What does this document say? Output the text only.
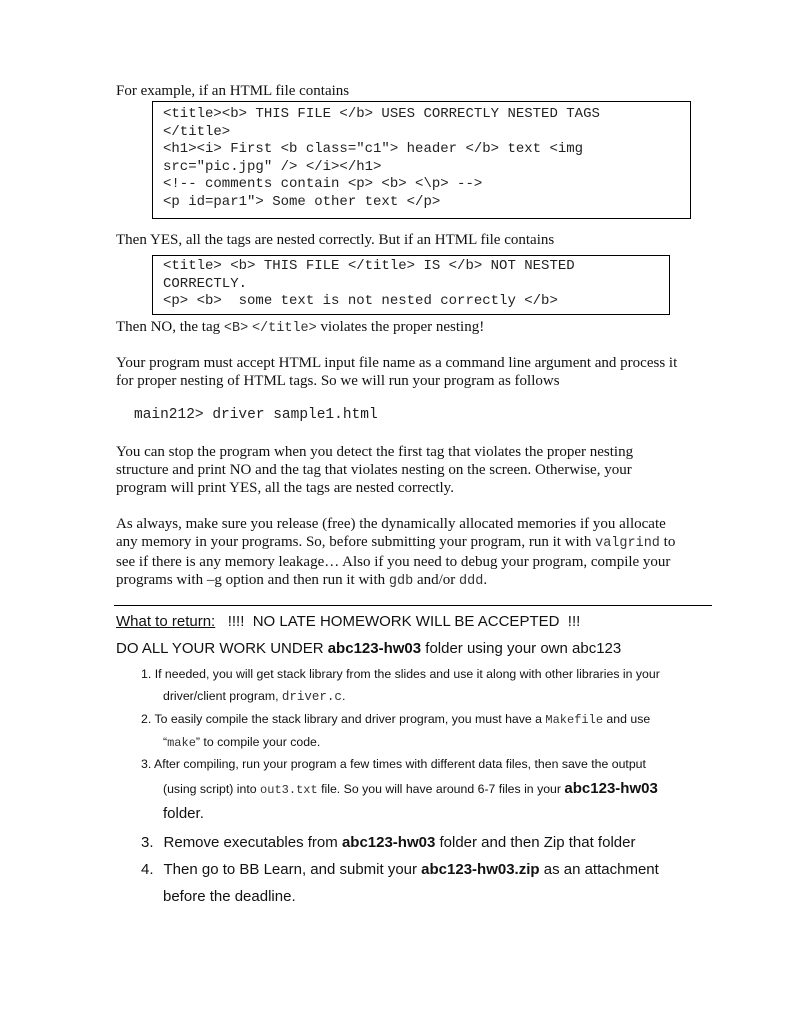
For example, if an HTML file contains
<title><b> THIS FILE </b> USES CORRECTLY NESTED TAGS
</title>
<h1><i> First <b class="c1"> header </b> text <img
src="pic.jpg" /> </i></h1>
<!-- comments contain <p> <b> <\p> -->
<p id=par1"> Some other text </p>
Then YES, all the tags are nested correctly. But if an HTML file contains
<title> <b> THIS FILE </title> IS </b> NOT NESTED
CORRECTLY.
<p> <b>  some text is not nested correctly </b>
Then NO, the tag <B> </title> violates the proper nesting!
Your program must accept HTML input file name as a command line argument and process it
for proper nesting of HTML tags. So we will run your program as follows
main212> driver sample1.html
You can stop the program when you detect the first tag that violates the proper nesting
structure and print NO and the tag that violates nesting on the screen. Otherwise, your
program will print YES, all the tags are nested correctly.
As always, make sure you release (free) the dynamically allocated memories if you allocate
any memory in your programs. So, before submitting your program, run it with valgrind to
see if there is any memory leakage… Also if you need to debug your program, compile your
programs with –g option and then run it with gdb and/or ddd.
What to return:   !!!!  NO LATE HOMEWORK WILL BE ACCEPTED  !!!
DO ALL YOUR WORK UNDER abc123-hw03 folder using your own abc123
1. If needed, you will get stack library from the slides and use it along with other libraries in your
driver/client program, driver.c.
2. To easily compile the stack library and driver program, you must have a Makefile and use
“make” to compile your code.
3. After compiling, run your program a few times with different data files, then save the output
(using script) into out3.txt file. So you will have around 6-7 files in your abc123-hw03
folder.
3. Remove executables from abc123-hw03 folder and then Zip that folder
4. Then go to BB Learn, and submit your abc123-hw03.zip as an attachment
before the deadline.
